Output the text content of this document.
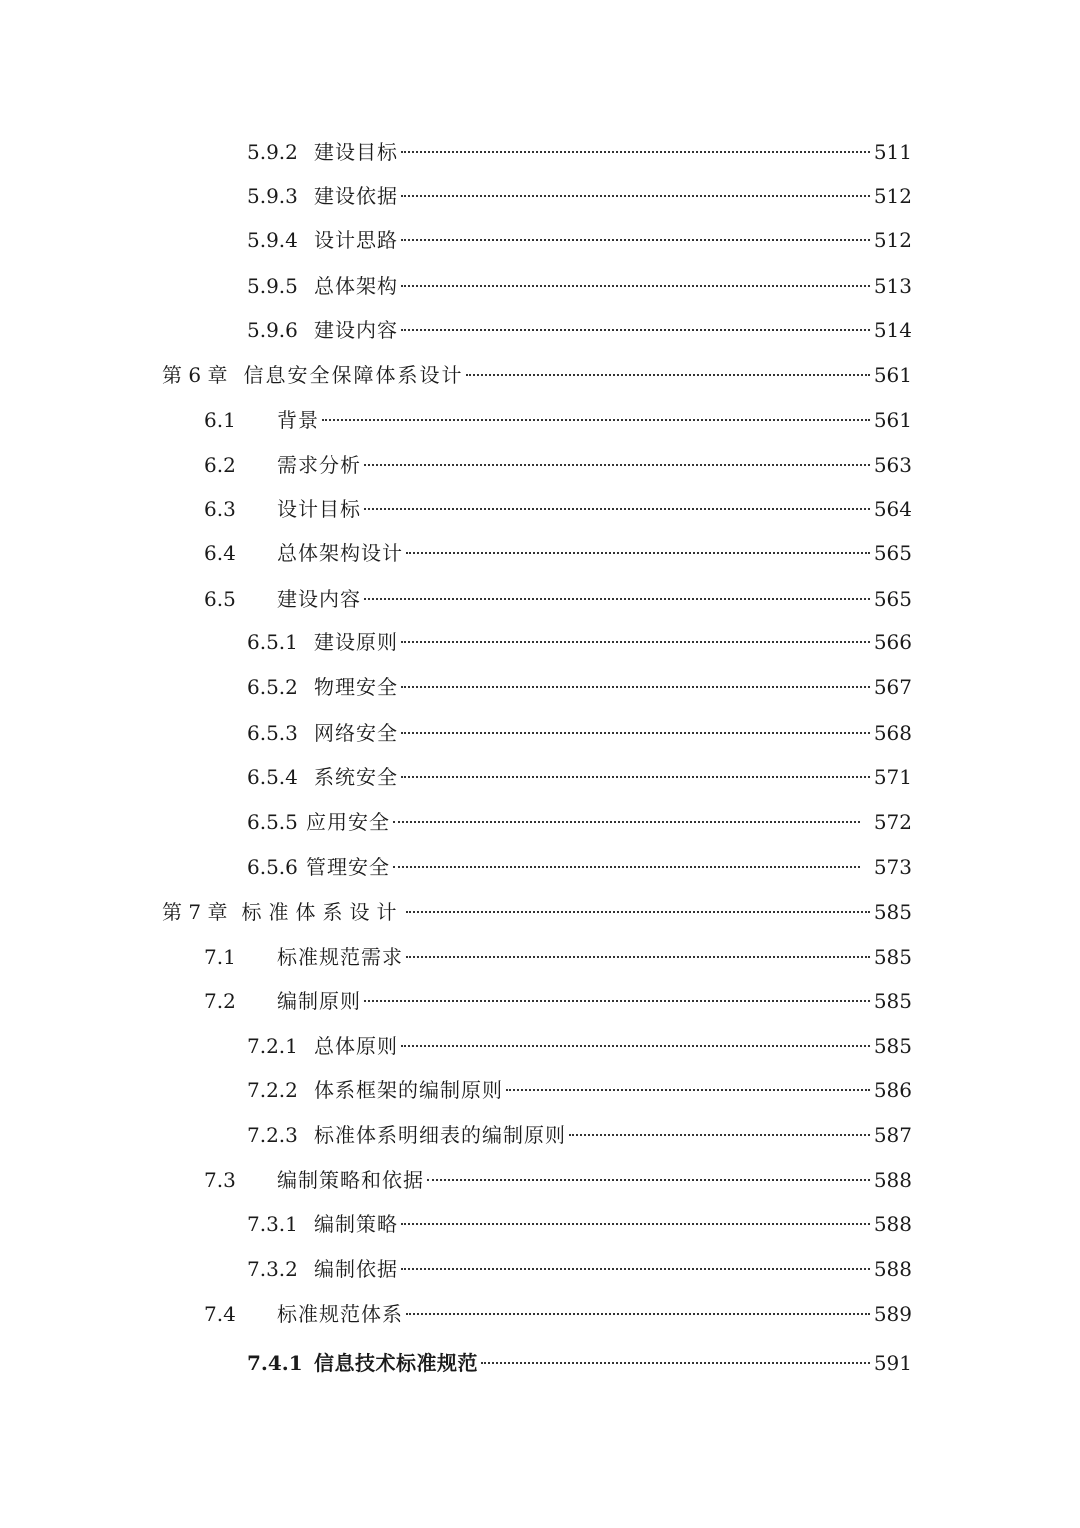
5.9.2 建设目标	511
5.9.3 建设依据	512
5.9.4 设计思路	512
5.9.5 总体架构	513
5.9.6 建设内容	514
第 6 章 信息安全保障体系设计	561
6.1	背景	561
6.2	需求分析	563
6.3	设计目标	564
6.4	总体架构设计	565
6.5	建设内容	565
6.5.1 建设原则	566
6.5.2 物理安全	567
6.5.3 网络安全	568
6.5.4 系统安全	571
6.5.5 应用安全	572
6.5.6 管理安全	573
第 7 章 标准体系设计	585
7.1	标准规范需求	585
7.2	编制原则	585
7.2.1 总体原则	585
7.2.2 体系框架的编制原则	586
7.2.3 标准体系明细表的编制原则	587
7.3	编制策略和依据	588
7.3.1 编制策略	588
7.3.2 编制依据	588
7.4	标准规范体系	589
7.4.1 信息技术标准规范	591
